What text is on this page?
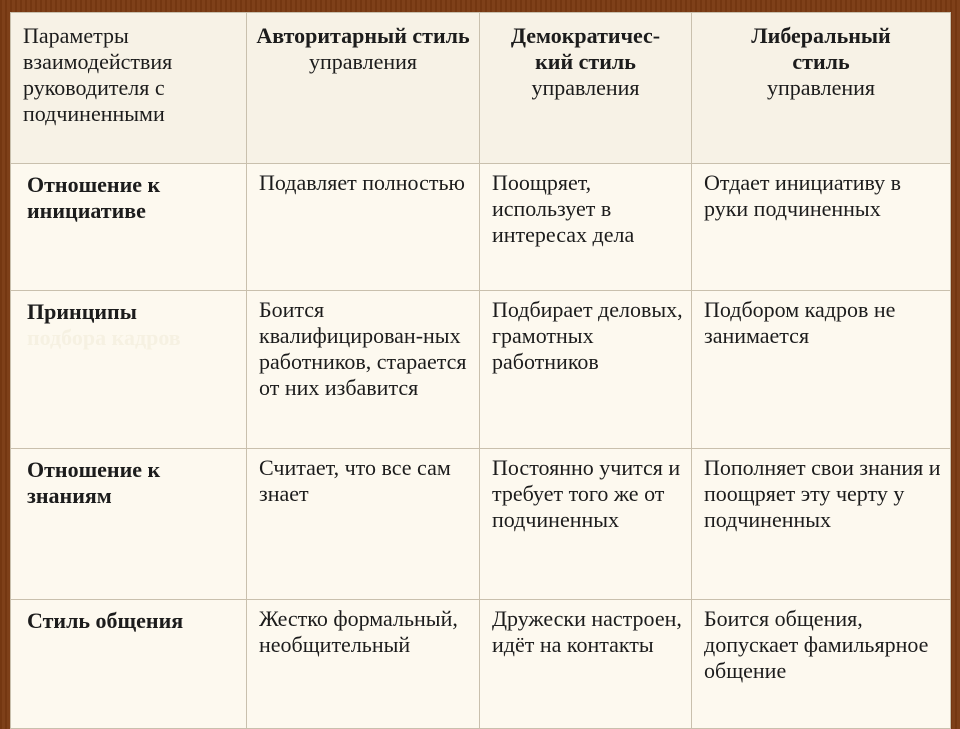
Параметры взаимодействия руководителя с подчиненными	Авторитарный стиль управления	Демократичес-
кий стиль
управления	Либеральный
стиль
управления

Отношение к инициативе	Подавляет полностью	Поощряет, использует в интересах дела	Отдает инициативу в руки подчиненных

Принципы
подбора кадров	Боится квалифицирован-ных работников, старается от них избавится	Подбирает деловых, грамотных работников	Подбором кадров не занимается
Отношение к знаниям	Считает, что все сам знает	Постоянно учится и требует того же от подчиненных	Пополняет свои знания и поощряет эту черту у подчиненных
Стиль общения	Жестко формальный, необщительный	Дружески настроен, идёт на контакты	Боится общения, допускает фамильярное общение
